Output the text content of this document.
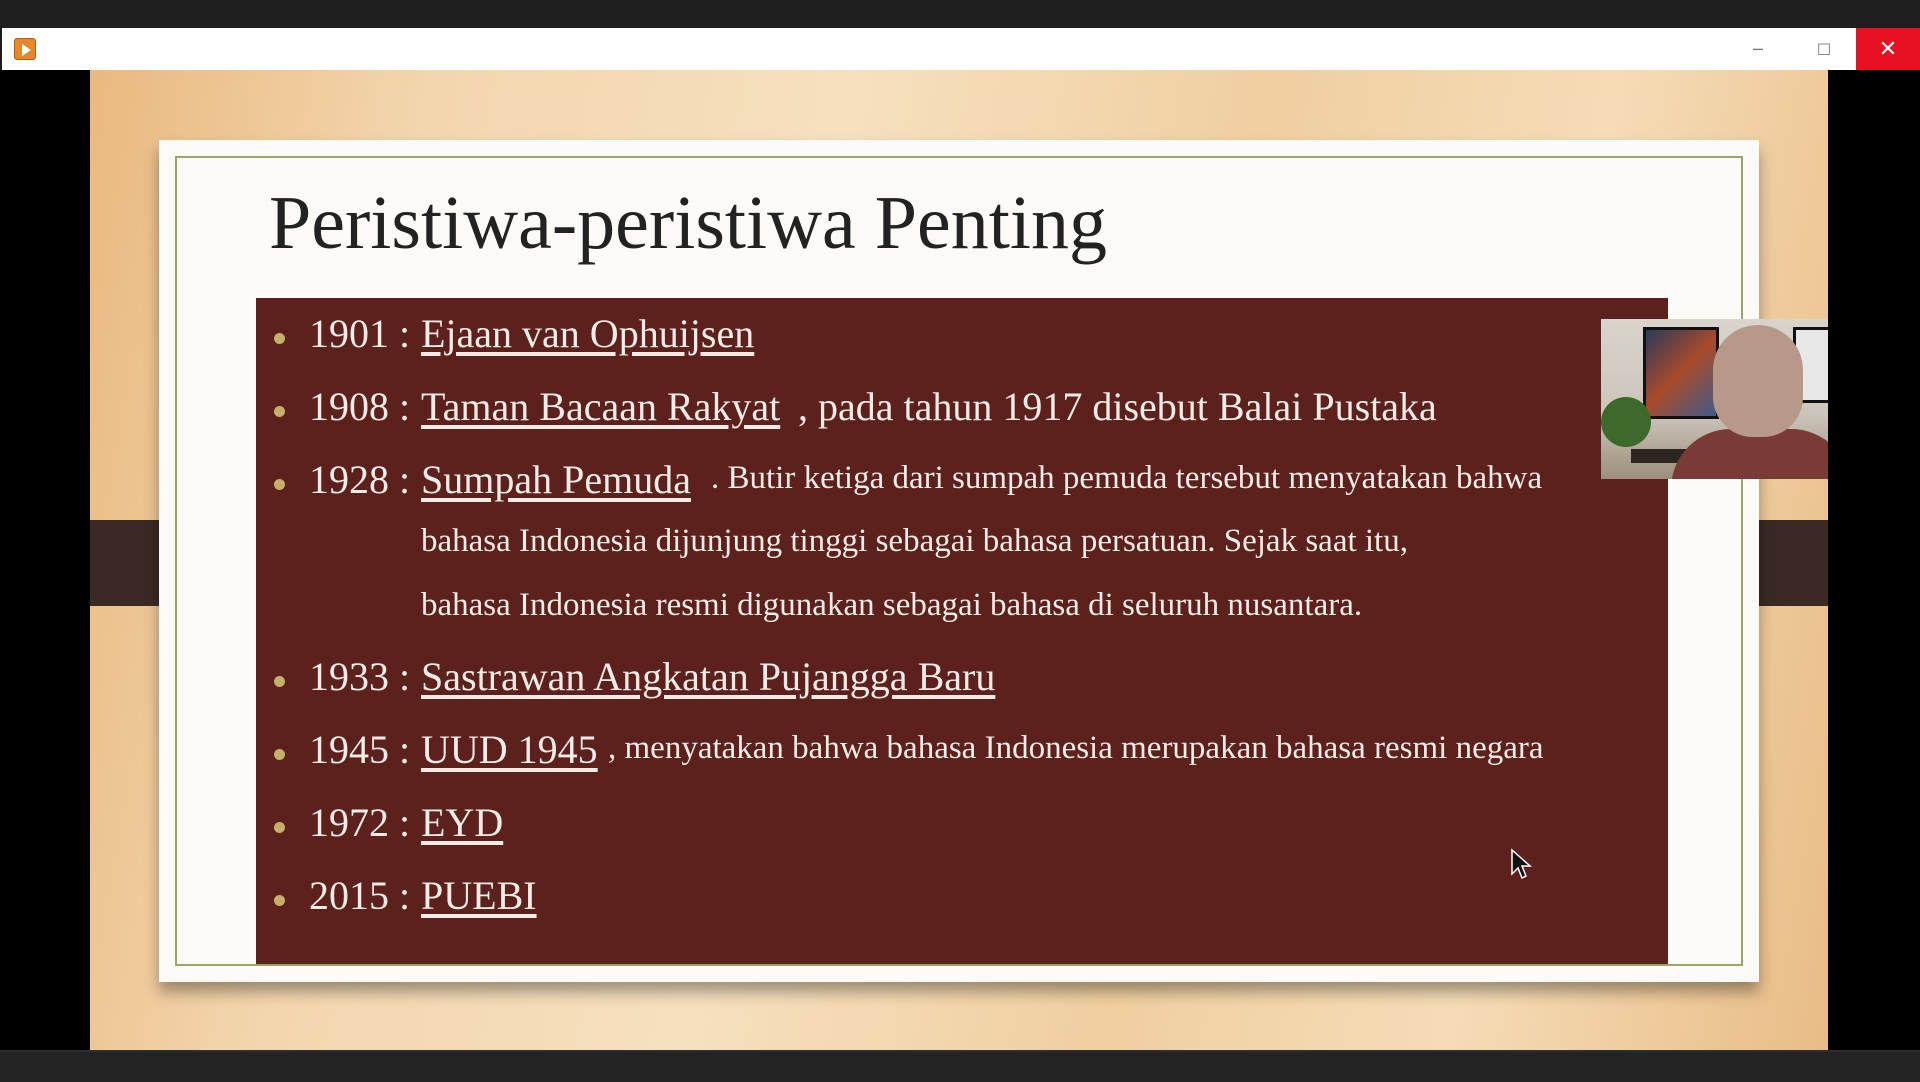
─	☐	✕
Peristiwa-peristiwa Penting
1901 : Ejaan van Ophuijsen
1908 : Taman Bacaan Rakyat , pada tahun 1917 disebut Balai Pustaka
1928 : Sumpah Pemuda . Butir ketiga dari sumpah pemuda tersebut menyatakan bahwa
bahasa Indonesia dijunjung tinggi sebagai bahasa persatuan. Sejak saat itu,
bahasa Indonesia resmi digunakan sebagai bahasa di seluruh nusantara.
1933 : Sastrawan Angkatan Pujangga Baru
1945 : UUD 1945 , menyatakan bahwa bahasa Indonesia merupakan bahasa resmi negara
1972 : EYD
2015 : PUEBI
